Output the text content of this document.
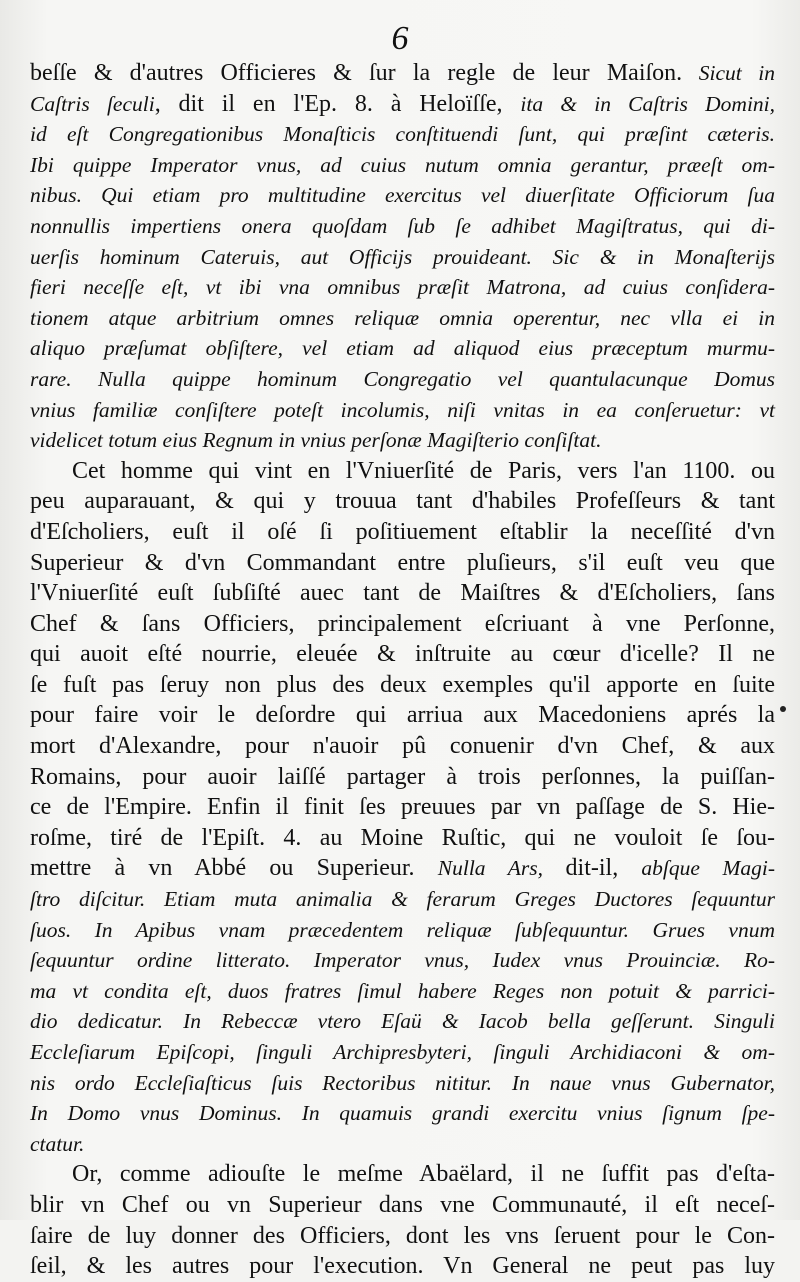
6
beſſe & d'autres Officieres & ſur la regle de leur Maiſon. Sicut in
Caſtris ſeculi, dit il en l'Ep. 8. à Heloïſſe, ita & in Caſtris Domini,
id eſt Congregationibus Monaſticis conſtituendi ſunt, qui præſint cæteris.
Ibi quippe Imperator vnus, ad cuius nutum omnia gerantur, præeſt om-
nibus. Qui etiam pro multitudine exercitus vel diuerſitate Officiorum ſua
nonnullis impertiens onera quoſdam ſub ſe adhibet Magiſtratus, qui di-
uerſis hominum Cateruis, aut Officijs prouideant. Sic & in Monaſterijs
fieri neceſſe eſt, vt ibi vna omnibus præſit Matrona, ad cuius conſidera-
tionem atque arbitrium omnes reliquæ omnia operentur, nec vlla ei in
aliquo præſumat obſiſtere, vel etiam ad aliquod eius præceptum murmu-
rare. Nulla quippe hominum Congregatio vel quantulacunque Domus
vnius familiæ conſiſtere poteſt incolumis, niſi vnitas in ea conſeruetur: vt
videlicet totum eius Regnum in vnius perſonæ Magiſterio conſiſtat.
Cet homme qui vint en l'Vniuerſité de Paris, vers l'an 1100. ou
peu auparauant, & qui y trouua tant d'habiles Profeſſeurs & tant
d'Eſcholiers, euſt il oſé ſi poſitiuement eſtablir la neceſſité d'vn
Superieur & d'vn Commandant entre pluſieurs, s'il euſt veu que
l'Vniuerſité euſt ſubſiſté auec tant de Maiſtres & d'Eſcholiers, ſans
Chef & ſans Officiers, principalement eſcriuant à vne Perſonne,
qui auoit eſté nourrie, eleuée & inſtruite au cœur d'icelle? Il ne
ſe fuſt pas ſeruy non plus des deux exemples qu'il apporte en ſuite
pour faire voir le deſordre qui arriua aux Macedoniens aprés la
mort d'Alexandre, pour n'auoir pû conuenir d'vn Chef, & aux
Romains, pour auoir laiſſé partager à trois perſonnes, la puiſſan-
ce de l'Empire. Enfin il finit ſes preuues par vn paſſage de S. Hie-
roſme, tiré de l'Epiſt. 4. au Moine Ruſtic, qui ne vouloit ſe ſou-
mettre à vn Abbé ou Superieur. Nulla Ars, dit-il, abſque Magi-
ſtro diſcitur. Etiam muta animalia & ferarum Greges Ductores ſequuntur
ſuos. In Apibus vnam præcedentem reliquæ ſubſequuntur. Grues vnum
ſequuntur ordine litterato. Imperator vnus, Iudex vnus Prouinciæ. Ro-
ma vt condita eſt, duos fratres ſimul habere Reges non potuit & parrici-
dio dedicatur. In Rebeccæ vtero Eſaü & Iacob bella geſſerunt. Singuli
Eccleſiarum Epiſcopi, ſinguli Archipresbyteri, ſinguli Archidiaconi & om-
nis ordo Eccleſiaſticus ſuis Rectoribus nititur. In naue vnus Gubernator,
In Domo vnus Dominus. In quamuis grandi exercitu vnius ſignum ſpe-
ctatur.
Or, comme adiouſte le meſme Abaëlard, il ne ſuffit pas d'eſta-
blir vn Chef ou vn Superieur dans vne Communauté, il eſt neceſ-
ſaire de luy donner des Officiers, dont les vns ſeruent pour le Con-
ſeil, & les autres pour l'execution. Vn General ne peut pas luy
